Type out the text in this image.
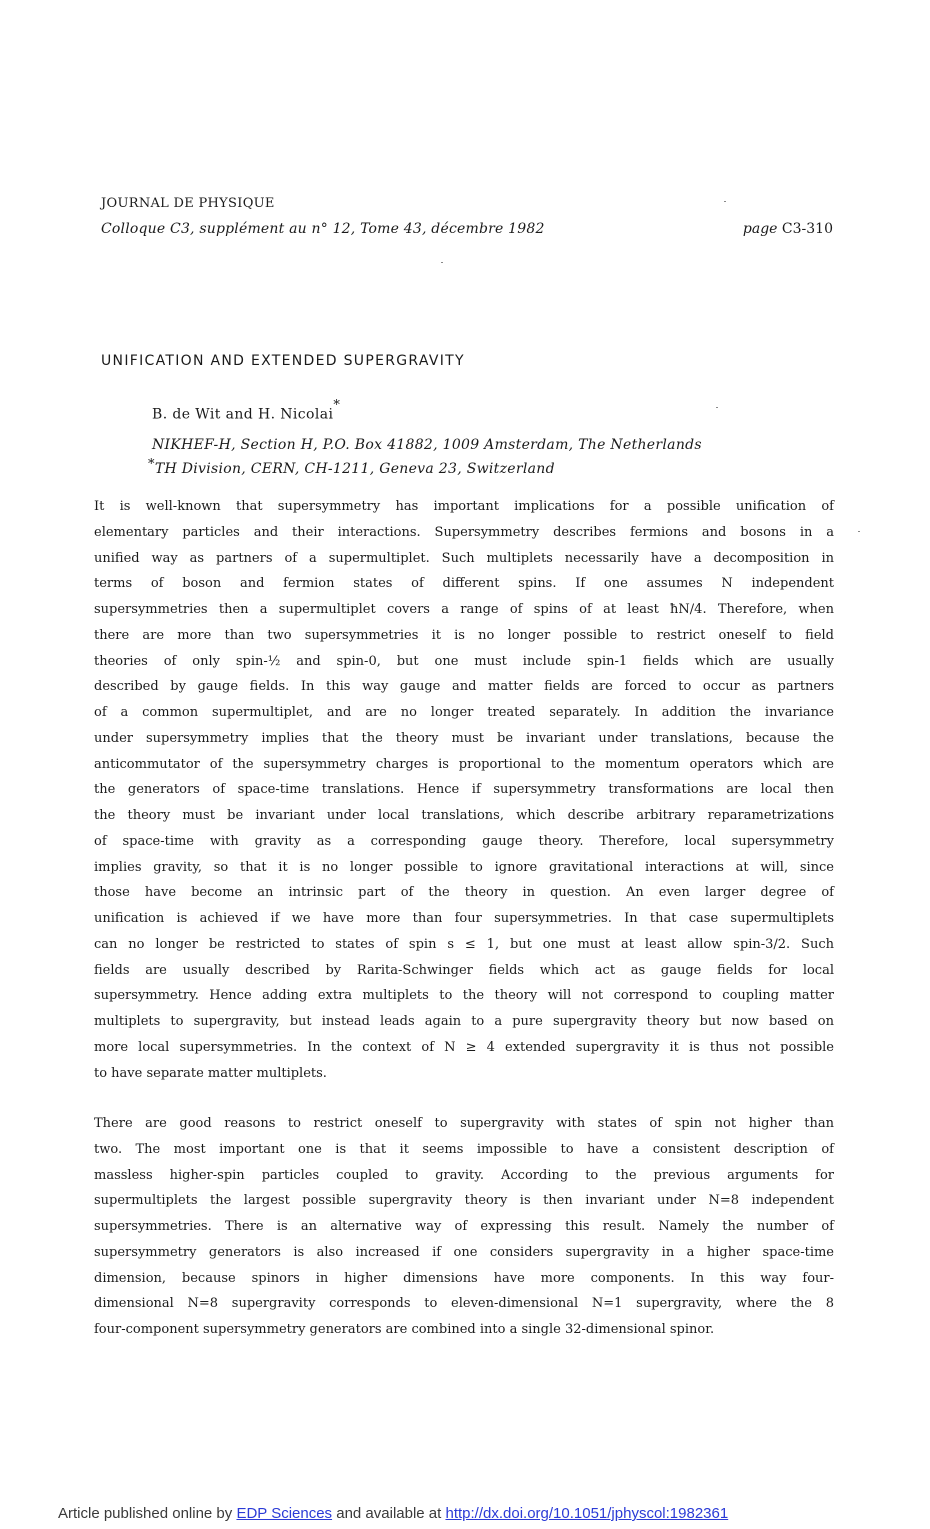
JOURNAL DE PHYSIQUE
Colloque C3, supplément au n° 12, Tome 43, décembre 1982	page C3-310
UNIFICATION AND EXTENDED SUPERGRAVITY
B. de Wit and H. Nicolai*
NIKHEF-H, Section H, P.O. Box 41882, 1009 Amsterdam, The Netherlands
*TH Division, CERN, CH-1211, Geneva 23, Switzerland
It is well-known that supersymmetry has important implications for a possible unification of
elementary particles and their interactions. Supersymmetry describes fermions and bosons in a
unified way as partners of a supermultiplet. Such multiplets necessarily have a decomposition in
terms of boson and fermion states of different spins. If one assumes N independent
supersymmetries then a supermultiplet covers a range of spins of at least ħN/4. Therefore, when
there are more than two supersymmetries it is no longer possible to restrict oneself to field
theories of only spin-½ and spin-0, but one must include spin-1 fields which are usually
described by gauge fields. In this way gauge and matter fields are forced to occur as partners
of a common supermultiplet, and are no longer treated separately. In addition the invariance
under supersymmetry implies that the theory must be invariant under translations, because the
anticommutator of the supersymmetry charges is proportional to the momentum operators which are
the generators of space-time translations. Hence if supersymmetry transformations are local then
the theory must be invariant under local translations, which describe arbitrary reparametrizations
of space-time with gravity as a corresponding gauge theory. Therefore, local supersymmetry
implies gravity, so that it is no longer possible to ignore gravitational interactions at will, since
those have become an intrinsic part of the theory in question. An even larger degree of
unification is achieved if we have more than four supersymmetries. In that case supermultiplets
can no longer be restricted to states of spin s ≤ 1, but one must at least allow spin-3/2. Such
fields are usually described by Rarita-Schwinger fields which act as gauge fields for local
supersymmetry. Hence adding extra multiplets to the theory will not correspond to coupling matter
multiplets to supergravity, but instead leads again to a pure supergravity theory but now based on
more local supersymmetries. In the context of N ≥ 4 extended supergravity it is thus not possible
to have separate matter multiplets.
There are good reasons to restrict oneself to supergravity with states of spin not higher than
two. The most important one is that it seems impossible to have a consistent description of
massless higher-spin particles coupled to gravity. According to the previous arguments for
supermultiplets the largest possible supergravity theory is then invariant under N=8 independent
supersymmetries. There is an alternative way of expressing this result. Namely the number of
supersymmetry generators is also increased if one considers supergravity in a higher space-time
dimension, because spinors in higher dimensions have more components. In this way four-
dimensional N=8 supergravity corresponds to eleven-dimensional N=1 supergravity, where the 8
four-component supersymmetry generators are combined into a single 32-dimensional spinor.
Article published online by EDP Sciences and available at http://dx.doi.org/10.1051/jphyscol:1982361
